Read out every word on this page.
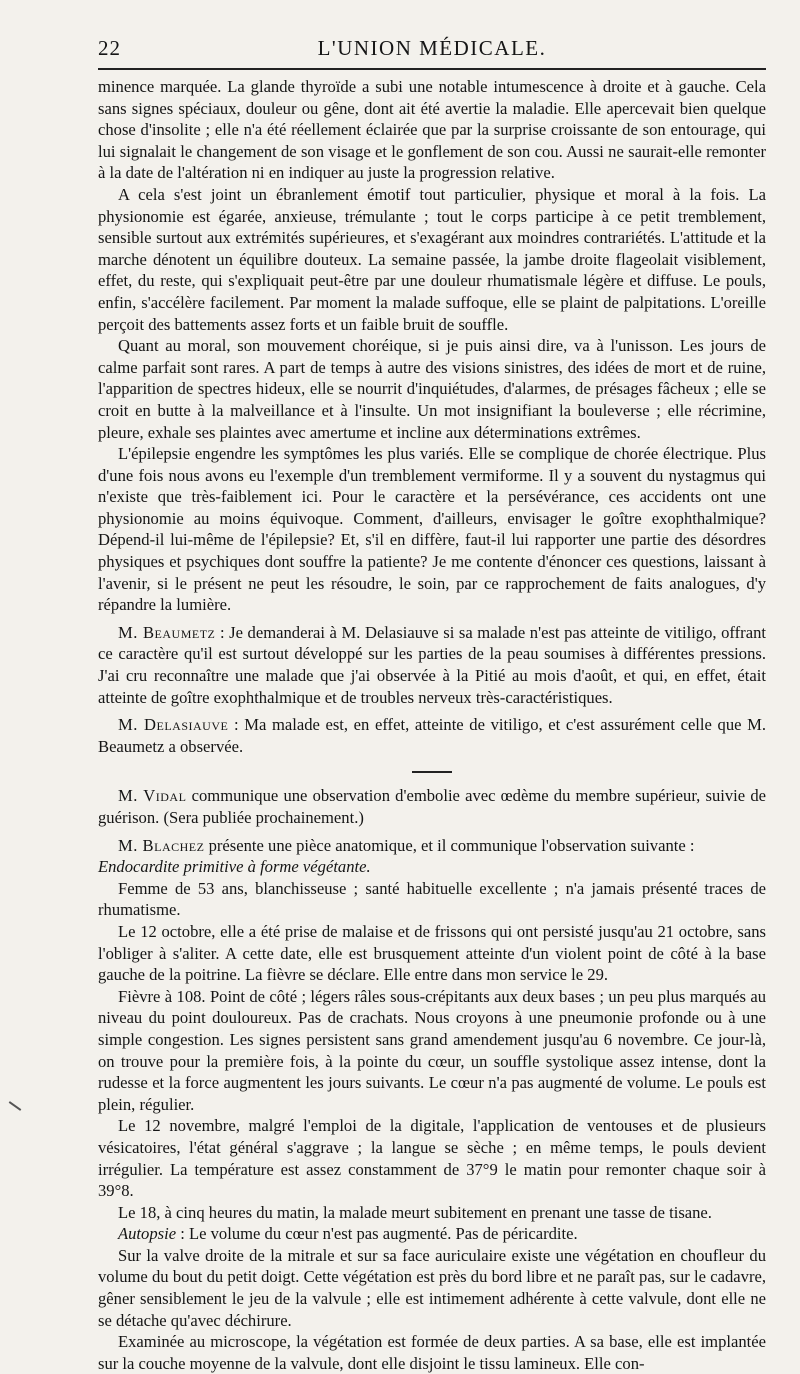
22	L'UNION MÉDICALE.

minence marquée. La glande thyroïde a subi une notable intumescence à droite et à gauche. Cela sans signes spéciaux, douleur ou gêne, dont ait été avertie la maladie. Elle apercevait bien quelque chose d'insolite ; elle n'a été réellement éclairée que par la surprise croissante de son entourage, qui lui signalait le changement de son visage et le gonflement de son cou. Aussi ne saurait-elle remonter à la date de l'altération ni en indiquer au juste la progression relative.

A cela s'est joint un ébranlement émotif tout particulier, physique et moral à la fois. La physionomie est égarée, anxieuse, trémulante ; tout le corps participe à ce petit tremblement, sensible surtout aux extrémités supérieures, et s'exagérant aux moindres contrariétés. L'attitude et la marche dénotent un équilibre douteux. La semaine passée, la jambe droite flageolait visiblement, effet, du reste, qui s'expliquait peut-être par une douleur rhumatismale légère et diffuse. Le pouls, enfin, s'accélère facilement. Par moment la malade suffoque, elle se plaint de palpitations. L'oreille perçoit des battements assez forts et un faible bruit de souffle.

Quant au moral, son mouvement choréique, si je puis ainsi dire, va à l'unisson. Les jours de calme parfait sont rares. A part de temps à autre des visions sinistres, des idées de mort et de ruine, l'apparition de spectres hideux, elle se nourrit d'inquiétudes, d'alarmes, de présages fâcheux ; elle se croit en butte à la malveillance et à l'insulte. Un mot insignifiant la bouleverse ; elle récrimine, pleure, exhale ses plaintes avec amertume et incline aux déterminations extrêmes.

L'épilepsie engendre les symptômes les plus variés. Elle se complique de chorée électrique. Plus d'une fois nous avons eu l'exemple d'un tremblement vermiforme. Il y a souvent du nystagmus qui n'existe que très-faiblement ici. Pour le caractère et la persévérance, ces accidents ont une physionomie au moins équivoque. Comment, d'ailleurs, envisager le goître exophthalmique? Dépend-il lui-même de l'épilepsie? Et, s'il en diffère, faut-il lui rapporter une partie des désordres physiques et psychiques dont souffre la patiente? Je me contente d'énoncer ces questions, laissant à l'avenir, si le présent ne peut les résoudre, le soin, par ce rapprochement de faits analogues, d'y répandre la lumière.

M. Beaumetz : Je demanderai à M. Delasiauve si sa malade n'est pas atteinte de vitiligo, offrant ce caractère qu'il est surtout développé sur les parties de la peau soumises à différentes pressions. J'ai cru reconnaître une malade que j'ai observée à la Pitié au mois d'août, et qui, en effet, était atteinte de goître exophthalmique et de troubles nerveux très-caractéristiques.

M. Delasiauve : Ma malade est, en effet, atteinte de vitiligo, et c'est assurément celle que M. Beaumetz a observée.

M. Vidal communique une observation d'embolie avec œdème du membre supérieur, suivie de guérison. (Sera publiée prochainement.)

M. Blachez présente une pièce anatomique, et il communique l'observation suivante :

Endocardite primitive à forme végétante.

Femme de 53 ans, blanchisseuse ; santé habituelle excellente ; n'a jamais présenté traces de rhumatisme.

Le 12 octobre, elle a été prise de malaise et de frissons qui ont persisté jusqu'au 21 octobre, sans l'obliger à s'aliter. A cette date, elle est brusquement atteinte d'un violent point de côté à la base gauche de la poitrine. La fièvre se déclare. Elle entre dans mon service le 29.

Fièvre à 108. Point de côté ; légers râles sous-crépitants aux deux bases ; un peu plus marqués au niveau du point douloureux. Pas de crachats. Nous croyons à une pneumonie profonde ou à une simple congestion. Les signes persistent sans grand amendement jusqu'au 6 novembre. Ce jour-là, on trouve pour la première fois, à la pointe du cœur, un souffle systolique assez intense, dont la rudesse et la force augmentent les jours suivants. Le cœur n'a pas augmenté de volume. Le pouls est plein, régulier.

Le 12 novembre, malgré l'emploi de la digitale, l'application de ventouses et de plusieurs vésicatoires, l'état général s'aggrave ; la langue se sèche ; en même temps, le pouls devient irrégulier. La température est assez constamment de 37°9 le matin pour remonter chaque soir à 39°8.

Le 18, à cinq heures du matin, la malade meurt subitement en prenant une tasse de tisane.

Autopsie : Le volume du cœur n'est pas augmenté. Pas de péricardite.

Sur la valve droite de la mitrale et sur sa face auriculaire existe une végétation en choufleur du volume du bout du petit doigt. Cette végétation est près du bord libre et ne paraît pas, sur le cadavre, gêner sensiblement le jeu de la valvule ; elle est intimement adhérente à cette valvule, dont elle ne se détache qu'avec déchirure.

Examinée au microscope, la végétation est formée de deux parties. A sa base, elle est implantée sur la couche moyenne de la valvule, dont elle disjoint le tissu lamineux. Elle con-
